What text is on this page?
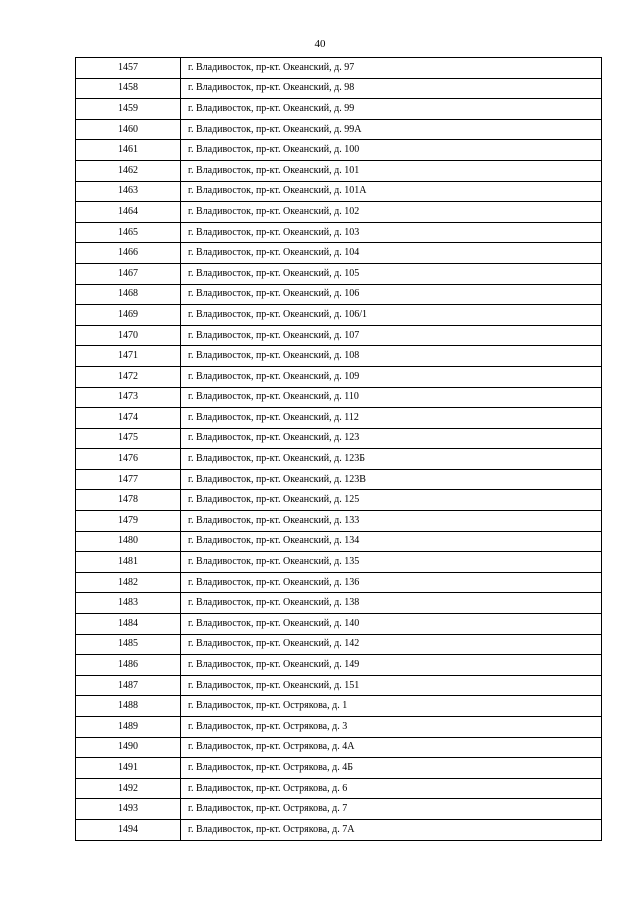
40
1457	г. Владивосток, пр-кт. Океанский, д. 97
1458	г. Владивосток, пр-кт. Океанский, д. 98
1459	г. Владивосток, пр-кт. Океанский, д. 99
1460	г. Владивосток, пр-кт. Океанский, д. 99А
1461	г. Владивосток, пр-кт. Океанский, д. 100
1462	г. Владивосток, пр-кт. Океанский, д. 101
1463	г. Владивосток, пр-кт. Океанский, д. 101А
1464	г. Владивосток, пр-кт. Океанский, д. 102
1465	г. Владивосток, пр-кт. Океанский, д. 103
1466	г. Владивосток, пр-кт. Океанский, д. 104
1467	г. Владивосток, пр-кт. Океанский, д. 105
1468	г. Владивосток, пр-кт. Океанский, д. 106
1469	г. Владивосток, пр-кт. Океанский, д. 106/1
1470	г. Владивосток, пр-кт. Океанский, д. 107
1471	г. Владивосток, пр-кт. Океанский, д. 108
1472	г. Владивосток, пр-кт. Океанский, д. 109
1473	г. Владивосток, пр-кт. Океанский, д. 110
1474	г. Владивосток, пр-кт. Океанский, д. 112
1475	г. Владивосток, пр-кт. Океанский, д. 123
1476	г. Владивосток, пр-кт. Океанский, д. 123Б
1477	г. Владивосток, пр-кт. Океанский, д. 123В
1478	г. Владивосток, пр-кт. Океанский, д. 125
1479	г. Владивосток, пр-кт. Океанский, д. 133
1480	г. Владивосток, пр-кт. Океанский, д. 134
1481	г. Владивосток, пр-кт. Океанский, д. 135
1482	г. Владивосток, пр-кт. Океанский, д. 136
1483	г. Владивосток, пр-кт. Океанский, д. 138
1484	г. Владивосток, пр-кт. Океанский, д. 140
1485	г. Владивосток, пр-кт. Океанский, д. 142
1486	г. Владивосток, пр-кт. Океанский, д. 149
1487	г. Владивосток, пр-кт. Океанский, д. 151
1488	г. Владивосток, пр-кт. Острякова, д. 1
1489	г. Владивосток, пр-кт. Острякова, д. 3
1490	г. Владивосток, пр-кт. Острякова, д. 4А
1491	г. Владивосток, пр-кт. Острякова, д. 4Б
1492	г. Владивосток, пр-кт. Острякова, д. 6
1493	г. Владивосток, пр-кт. Острякова, д. 7
1494	г. Владивосток, пр-кт. Острякова, д. 7А
